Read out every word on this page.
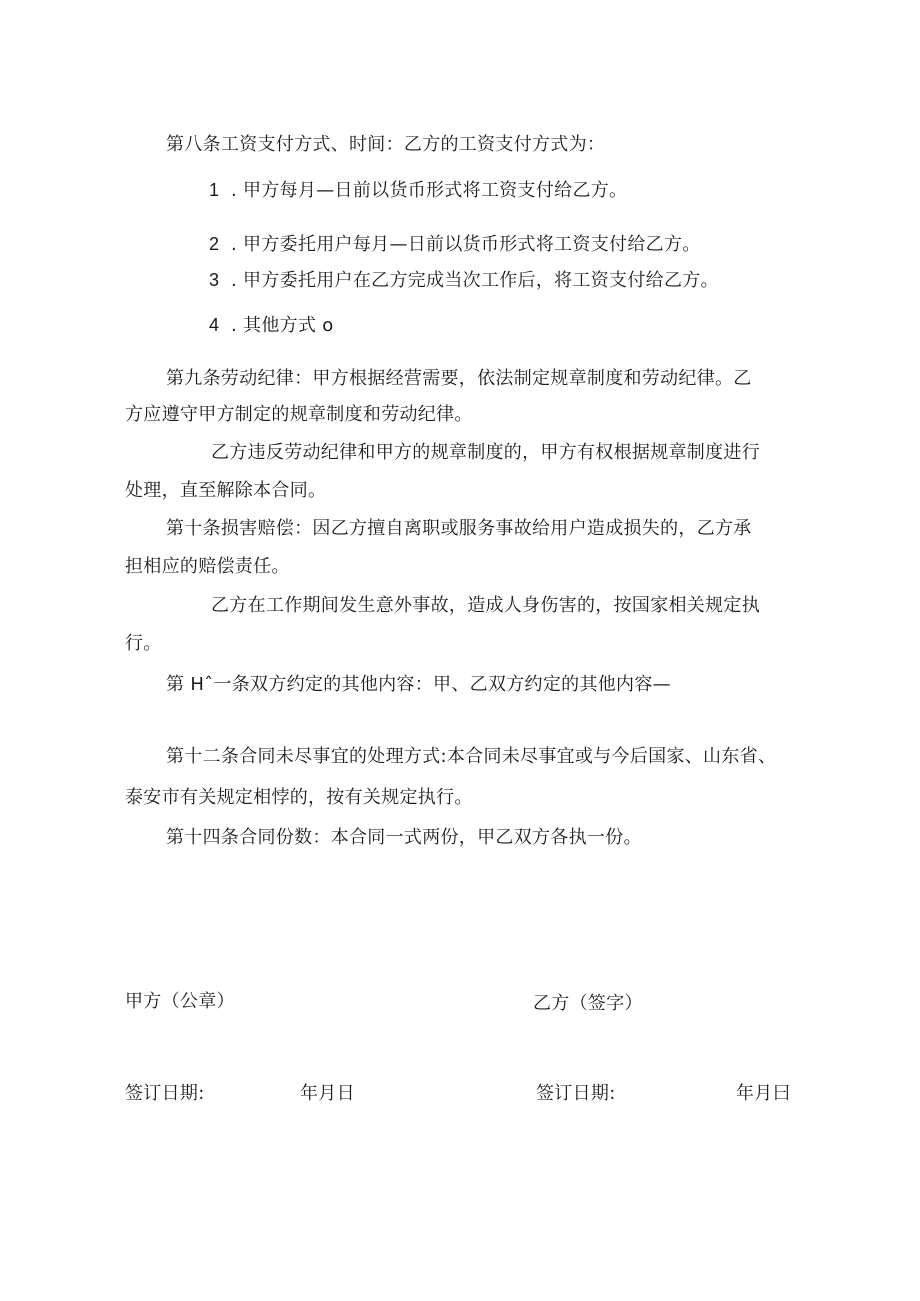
第八条工资支付方式、时间：乙方的工资支付方式为：
1 . 甲方每月—日前以货币形式将工资支付给乙方。
2 . 甲方委托用户每月—日前以货币形式将工资支付给乙方。
3 . 甲方委托用户在乙方完成当次工作后，将工资支付给乙方。
4 . 其他方式 o
第九条劳动纪律：甲方根据经营需要，依法制定规章制度和劳动纪律。乙
方应遵守甲方制定的规章制度和劳动纪律。
乙方违反劳动纪律和甲方的规章制度的，甲方有权根据规章制度进行
处理，直至解除本合同。
第十条损害赔偿：因乙方擅自离职或服务事故给用户造成损失的，乙方承
担相应的赔偿责任。
乙方在工作期间发生意外事故，造成人身伤害的，按国家相关规定执
行。
第 Hˆ一条双方约定的其他内容：甲、乙双方约定的其他内容—
第十二条合同未尽事宜的处理方式:本合同未尽事宜或与今后国家、山东省、
泰安市有关规定相悖的，按有关规定执行。
第十四条合同份数：本合同一式两份，甲乙双方各执一份。
甲方（公章）	乙方（签字）
签订日期:	年月日	签订日期:	年月曰
